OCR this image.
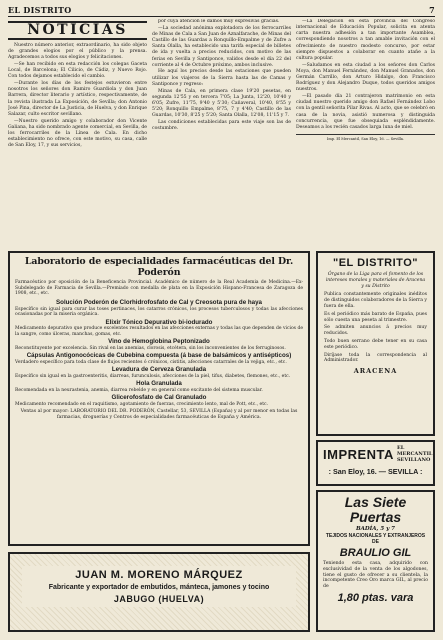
EL DISTRITO	7
NOTICIAS

Nuestro número anterior, extraordinario, ha sido objeto de grandes elogios por el público y la prensa. Agradecemos a todos sus elogios y felicitaciones.

—Se han recibido en esta redacción los colegas Gaceta Local, de Barcelona; El Cilicio, de Cádiz, y Nuevo Rojo. Con todos dejamos establecido el cambio.

—Durante los días de los festejos estuvieron entre nosotros los señores don Ramiro Guardiola y don Juan Barrera, director literario y artístico, respectivamente, de la revista ilustrada La Exposición, de Sevilla; don Antonio José Pina, director de La Justicia, de Huelva, y don Enrique Salazar, culto escritor sevillano.

—Nuestro querido amigo y colaborador don Vicente Galiana, ha sido nombrado agente comercial, en Sevilla, de los ferrocarriles de la Línea de Cala. En dicho establecimiento no ofrece, con este motivo, su casa, calle de San Eloy, 17, y sus servicios,

por cuya atención le damos muy expresivas gracias.

—La sociedad anónima explotadora de los ferrocarriles de Minas de Cala a San Juan de Aznalfarache, de Minas del Castillo de las Guardas a Ronquillo-Empalme y de Zufre a Santa Olalla, ha establecido una tarifa especial de billetes de ida y vuelta a precios reducidos, con motivo de las ferias en Sevilla y Santiponce, validos desde el día 22 del corriente al 4 de Octubre próximo, ambos inclusive.

He aquí los precios desde las estaciones que pueden utilizar los viajeros de la Sierra hasta las de Camas y Santiponce y regreso:

Minas de Cala, en primera clase 19'20 pesetas, en segunda 12'55 y en tercera 7'05; La Junta, 12'20, 10'40 y 6'05; Zufre, 11'75, 9'40 y 5'30; Cañaveral, 10'40, 8'55 y 5'20; Ronquillo Empalme, 8'75, 7 y 4'40; Castillo de las Guardas, 10'30, 8'25 y 5'20; Santa Olalla, 12'08, 11'15 y 7.

Las condiciones establecidas para este viaje son las de costumbre.

—La Delegación en esta provincia del Congreso internacional de Educación Popular, solicita en atenta carta nuestra adhesión a tan importante Asamblea, correspondiendo nosotros a tan amable invitación con el ofrecimiento de nuestro modesto concurso, por estar siempre dispuestos a colaborar en cuanto atañe a la cultura popular.

—Saludamos en esta ciudad a los señores don Carlos Moya, don Manuel Fernández, don Manuel Granados, don Germán Carrillo, don Arturo Hidalgo, don Francisco Rodríguez y don Alejandro Duque, todos queridos amigos nuestros.

—El pasado día 21 contrajeron matrimonio en esta ciudad nuestro querido amigo don Rafael Fernández Lobo con la gentil señorita Pilar Rivas. Al acto, que se celebró en casa de la novia, asistió numerosa y distinguida concurrencia, que fue obsequiada espléndidamente. Deseamos a los recién casados larga luna de miel.

Imp. El Mercantil, San Eloy, 16. — Sevilla.
Laboratorio de especialidades farmacéuticas del Dr. Poderón
Farmacéutico por oposición de la Beneficencia Provincial. Académico de número de la Real Academia de Medicina.—Ex-Subdelegado de Farmacia de Sevilla.—Premiado con medalla de plata en la Exposición Hispano-Francesa de Zaragoza de 1908, etc., etc.
Solución Poderón de Clorhidrofosfato de Cal y Creosota pura de haya
Específico sin igual para curar las toses pertinaces, los catarros crónicos, los procesos tuberculosos y todas las afecciones ocasionadas por la miseria orgánica.
Elixir Tónico Depurativo bi-iodurado
Medicamento depurativo que produce excelentes resultados en las afecciones externas y todas las que dependen de vicios de la sangre, como úlceras, manchas, gomas, etc.
Vino de Hemoglobina Peptonizado
Reconstituyente por excelencia. Sin rival en las anemias, clorosis, etcétera, sin los inconvenientes de los ferruginosos.
Cápsulas Antigonocócicas de Cubebina compuesta (á base de balsámicos y antisépticos)
Verdadero específico para toda clase de flujos recientes ó crónicos, cistitis, afecciones catarrales de la vejiga, etc., etc.
Levadura de Cerveza Granulada
Específico sin igual en la gastroenteritis, diarreas, furunculosis, afecciones de la piel, tifus, diabetes, flemones, etc., etc.
Hola Granulada
Recomendada en la neurastenia, anemia, diarrea rebelde y en general como excitante del sistema muscular.
Glicerofosfato de Cal Granulado
Medicamento recomendado en el raquitismo, agotamiento de fuerzas, crecimiento lento, mal de Pott, etc., etc.
Ventas al por mayor: LABORATORIO DEL DR. PODERÓN, Castellar, 53, SEVILLA (España) y al por menor en todas las farmacias, droguerías y Centros de especialidades farmacéuticas de España y América.
"EL DISTRITO"
Órgano de la Liga para el fomento de los intereses morales y materiales de Aracena y su Distrito
Publica constantemente originales inéditos de distinguidos colaboradores de la Sierra y fuera de ella.
Es el periódico más barato de España, pues sólo cuesta una peseta al trimestre.
Se admiten anuncios á precios muy reducidos.
Todo buen serrano debe tener en su casa este periódico.
Diríjase toda la correspondencia al Administrador.
ARACENA
IMPRENTA EL MERCANTIL
SEVILLANO
: San Eloy, 16. — SEVILLA :
Las Siete Puertas
BADÍA, 5 y 7
TEJIDOS NACIONALES Y EXTRANJEROS
DE
BRAULIO GIL
Teniendo esta casa, adquirido con exclusividad de la venta de los algodones, tiene el gusto de ofrecer a su clientela, la incompetente Creo Oro marca GIL, al precio de
1,80 ptas. vara
JUAN M. MORENO MÁRQUEZ
Fabricante y exportador de embutidos, mánteca, jamones y tocino
JABUGO (HUELVA)
